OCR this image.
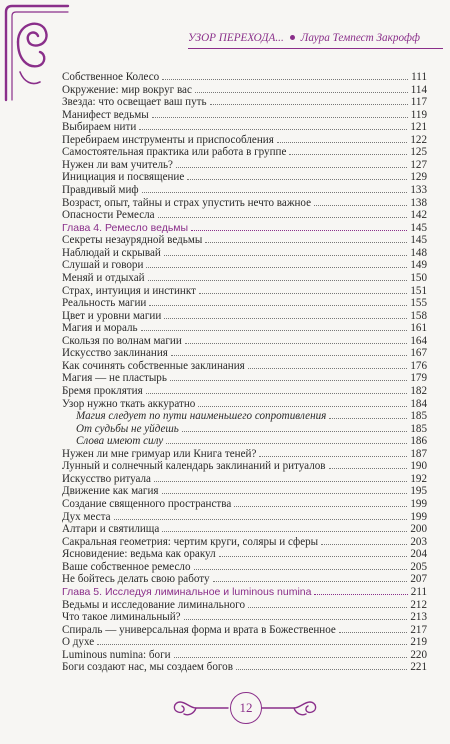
УЗОР ПЕРЕХОДА... Лаура Темпест Закрофф
Собственное Колесо	111
Окружение: мир вокруг вас	114
Звезда: что освещает ваш путь	117
Манифест ведьмы	119
Выбираем нити	121
Перебираем инструменты и приспособления	122
Самостоятельная практика или работа в группе	125
Нужен ли вам учитель?	127
Инициация и посвящение	129
Правдивый миф	133
Возраст, опыт, тайны и страх упустить нечто важное	138
Опасности Ремесла	142
Глава 4. Ремесло ведьмы	145
Секреты незаурядной ведьмы	145
Наблюдай и скрывай	148
Слушай и говори	149
Меняй и отдыхай	150
Страх, интуиция и инстинкт	151
Реальность магии	155
Цвет и уровни магии	158
Магия и мораль	161
Скользя по волнам магии	164
Искусство заклинания	167
Как сочинять собственные заклинания	176
Магия — не пластырь	179
Бремя проклятия	182
Узор нужно ткать аккуратно	184
Магия следует по пути наименьшего сопротивления	185
От судьбы не уйдешь	185
Слова имеют силу	186
Нужен ли мне гримуар или Книга теней?	187
Лунный и солнечный календарь заклинаний и ритуалов	190
Искусство ритуала	192
Движение как магия	195
Создание священного пространства	199
Дух места	199
Алтари и святилища	200
Сакральная геометрия: чертим круги, соляры и сферы	203
Ясновидение: ведьма как оракул	204
Ваше собственное ремесло	205
Не бойтесь делать свою работу	207
Глава 5. Исследуя лиминальное и luminous numina	211
Ведьмы и исследование лиминального	212
Что такое лиминальный?	213
Спираль — универсальная форма и врата в Божественное	217
О духе	219
Luminous numina: боги	220
Боги создают нас, мы создаем богов	221
12
